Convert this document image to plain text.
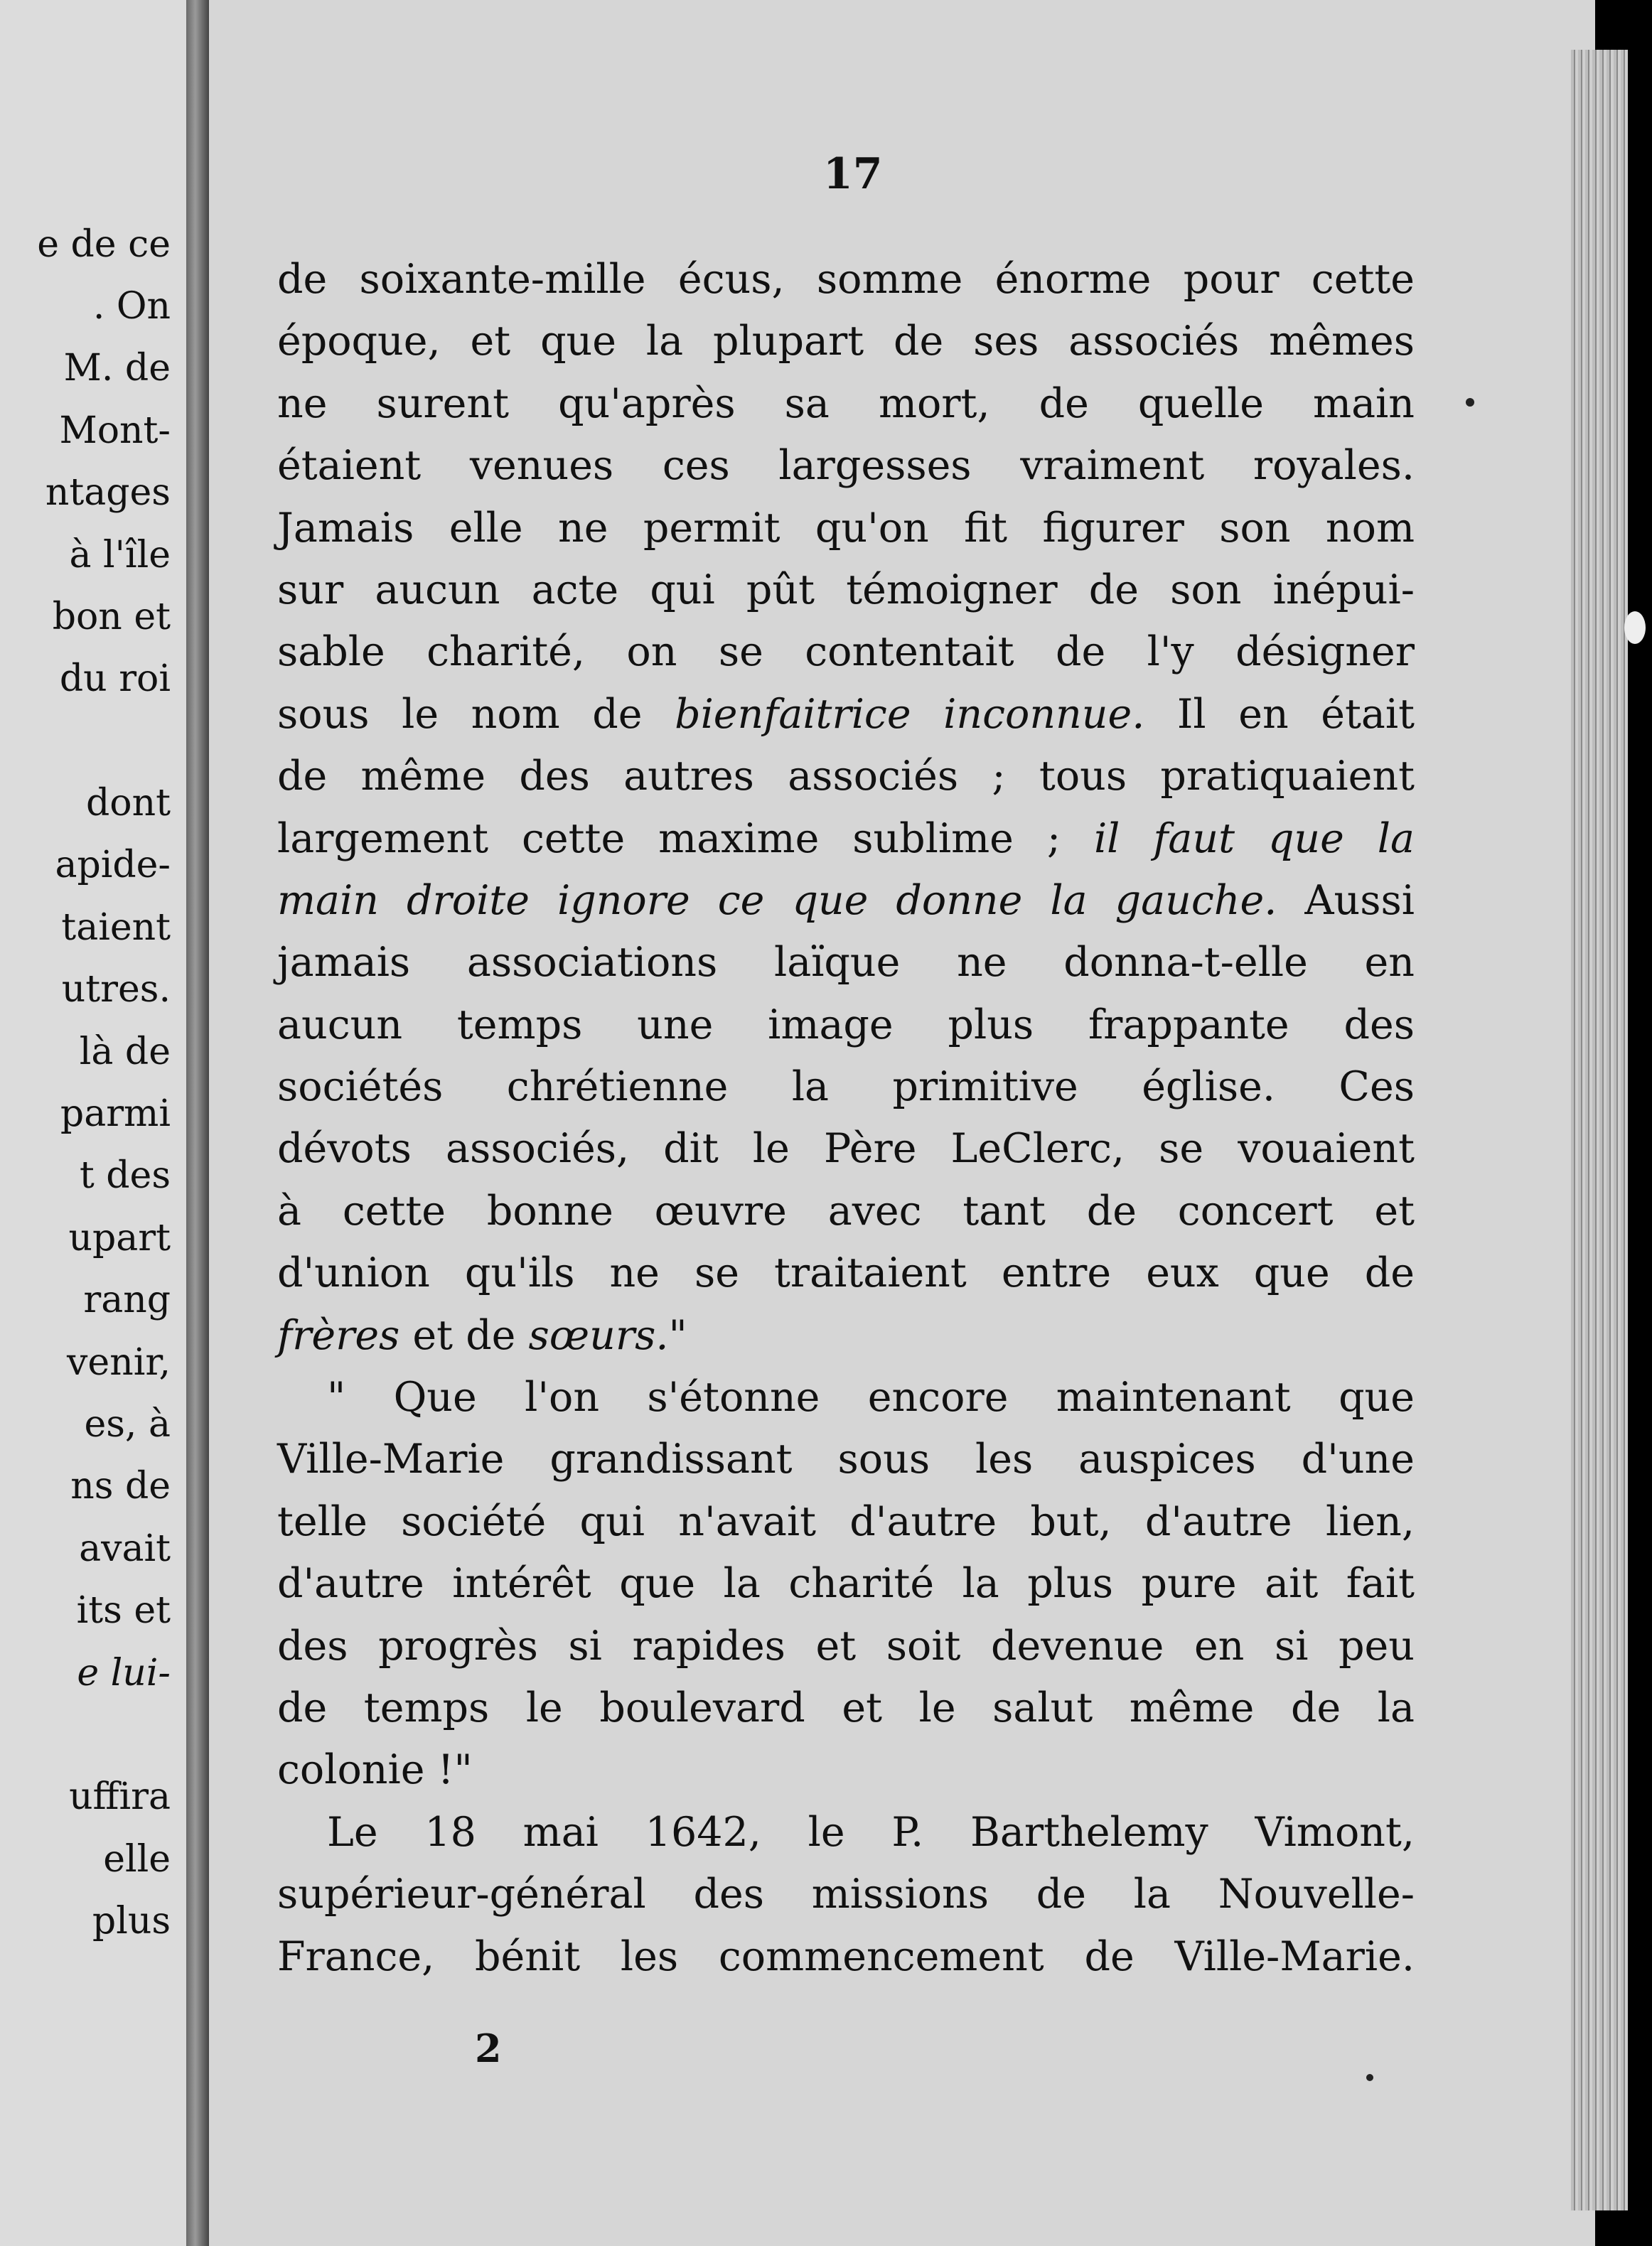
e de ce
. On
M. de
Mont-
ntages
à l'île
bon et
du roi
dont
apide-
taient
utres.
là de
parmi
t des
upart
rang
venir,
es, à
ns de
avait
its et
e lui-
uffira
elle
plus
17
de soixante-mille écus, somme énorme pour cette
époque, et que la plupart de ses associés mêmes
ne surent qu'après sa mort, de quelle main
étaient venues ces largesses vraiment royales.
Jamais elle ne permit qu'on fit figurer son nom
sur aucun acte qui pût témoigner de son inépui-
sable charité, on se contentait de l'y désigner
sous le nom de bienfaitrice inconnue. Il en était
de même des autres associés ; tous pratiquaient
largement cette maxime sublime ; il faut que la
main droite ignore ce que donne la gauche. Aussi
jamais associations laïque ne donna-t-elle en
aucun temps une image plus frappante des
sociétés chrétienne la primitive église. Ces
dévots associés, dit le Père LeClerc, se vouaient
à cette bonne œuvre avec tant de concert et
d'union qu'ils ne se traitaient entre eux que de
frères et de sœurs."
" Que l'on s'étonne encore maintenant que
Ville-Marie grandissant sous les auspices d'une
telle société qui n'avait d'autre but, d'autre lien,
d'autre intérêt que la charité la plus pure ait fait
des progrès si rapides et soit devenue en si peu
de temps le boulevard et le salut même de la
colonie !"
Le 18 mai 1642, le P. Barthelemy Vimont,
supérieur-général des missions de la Nouvelle-
France, bénit les commencement de Ville-Marie.
2
